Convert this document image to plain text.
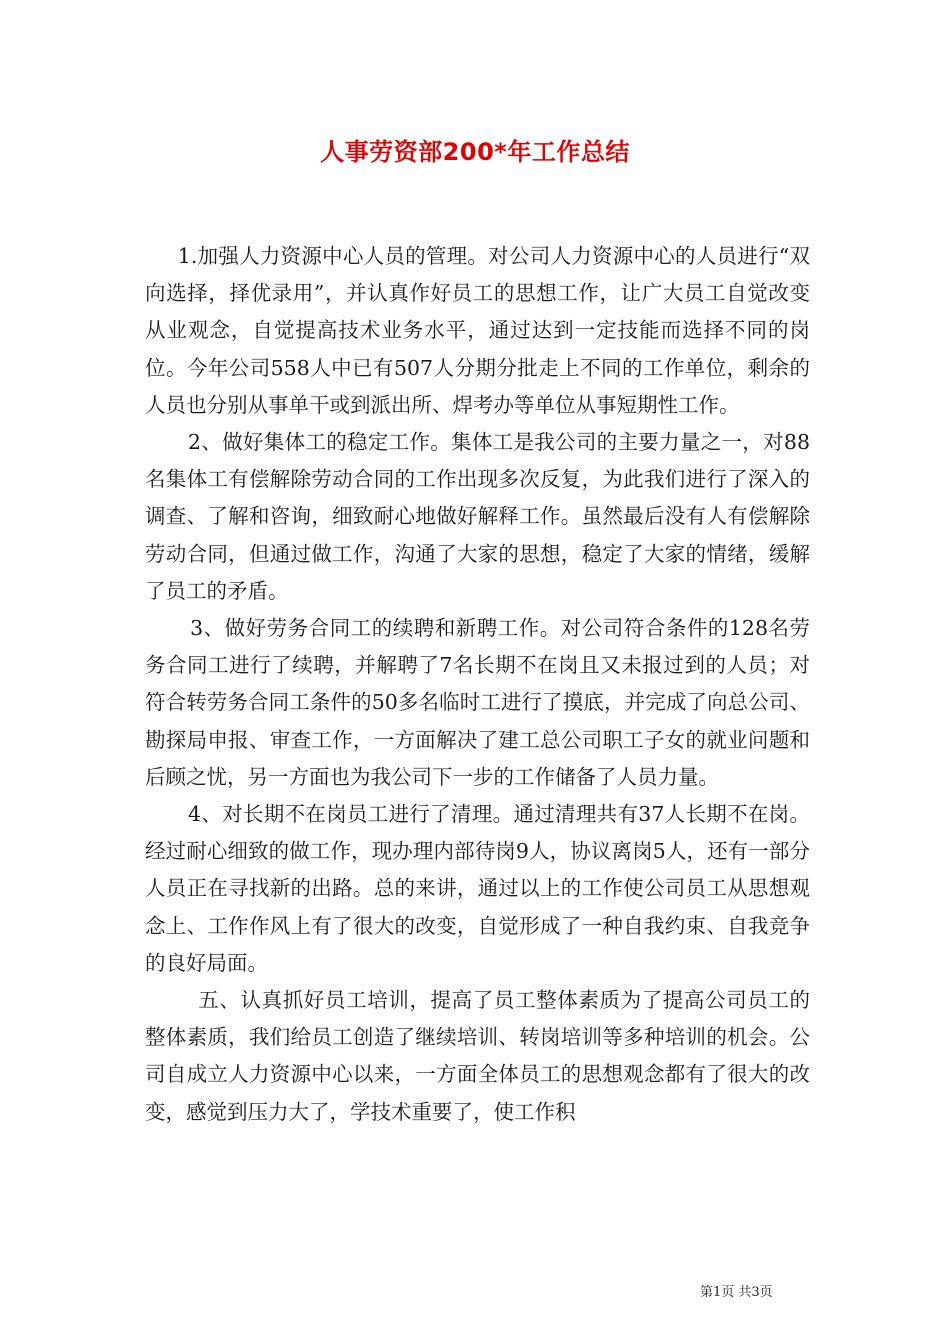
人事劳资部200*年工作总结

1.加强人力资源中心人员的管理。对公司人力资源中心的人员进行“双向选择，择优录用”，并认真作好员工的思想工作，让广大员工自觉改变从业观念，自觉提高技术业务水平，通过达到一定技能而选择不同的岗位。今年公司558人中已有507人分期分批走上不同的工作单位，剩余的人员也分别从事单干或到派出所、焊考办等单位从事短期性工作。

2、做好集体工的稳定工作。集体工是我公司的主要力量之一，对88名集体工有偿解除劳动合同的工作出现多次反复，为此我们进行了深入的调查、了解和咨询，细致耐心地做好解释工作。虽然最后没有人有偿解除劳动合同，但通过做工作，沟通了大家的思想，稳定了大家的情绪，缓解了员工的矛盾。

3、做好劳务合同工的续聘和新聘工作。对公司符合条件的128名劳务合同工进行了续聘，并解聘了7名长期不在岗且又未报过到的人员；对符合转劳务合同工条件的50多名临时工进行了摸底，并完成了向总公司、勘探局申报、审查工作，一方面解决了建工总公司职工子女的就业问题和后顾之忧，另一方面也为我公司下一步的工作储备了人员力量。

4、对长期不在岗员工进行了清理。通过清理共有37人长期不在岗。经过耐心细致的做工作，现办理内部待岗9人，协议离岗5人，还有一部分人员正在寻找新的出路。总的来讲，通过以上的工作使公司员工从思想观念上、工作作风上有了很大的改变，自觉形成了一种自我约束、自我竞争的良好局面。

五、认真抓好员工培训，提高了员工整体素质为了提高公司员工的整体素质，我们给员工创造了继续培训、转岗培训等多种培训的机会。公司自成立人力资源中心以来，一方面全体员工的思想观念都有了很大的改变，感觉到压力大了，学技术重要了，使工作积

第1页 共3页
